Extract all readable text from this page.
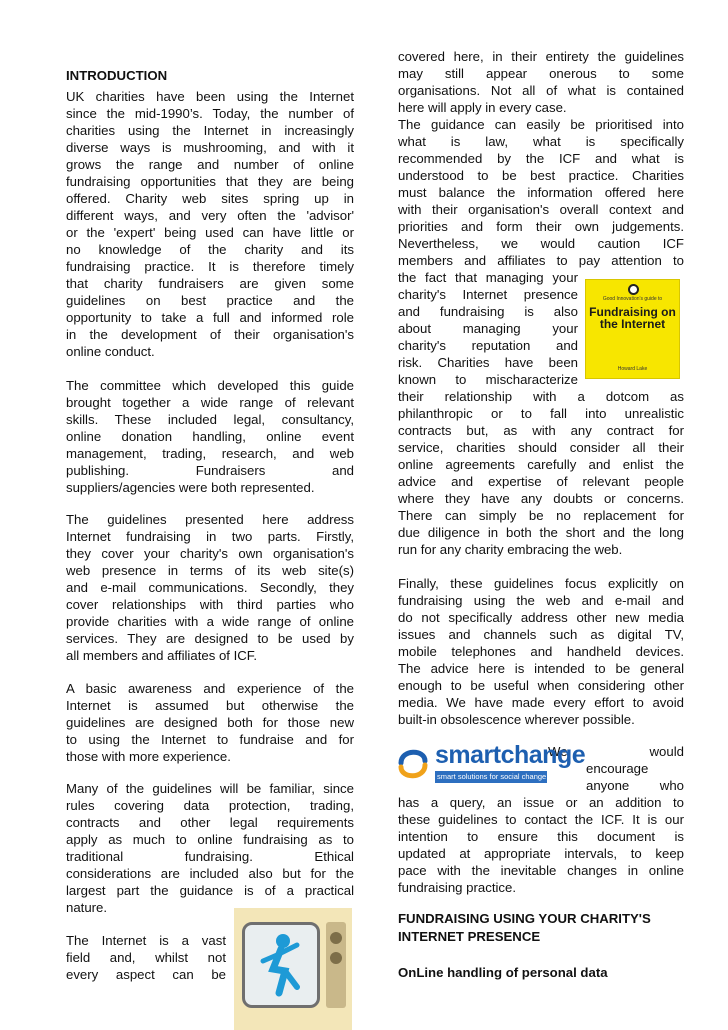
INTRODUCTION
UK charities have been using the Internet
since the mid-1990’s. Today, the number of
charities using the Internet in increasingly
diverse ways is mushrooming, and with it
grows the range and number of online
fundraising opportunities that they are being
offered. Charity web sites spring up in
different ways, and very often the 'advisor'
or the 'expert' being used can have little or
no knowledge of the charity and its
fundraising practice. It is therefore timely
that charity fundraisers are given some
guidelines on best practice and the
opportunity to take a full and informed role
in the development of their organisation's
online conduct.
The committee which developed this guide
brought together a wide range of relevant
skills. These included legal, consultancy,
online donation handling, online event
management, trading, research, and web
publishing. Fundraisers and
suppliers/agencies were both represented.
The guidelines presented here address
Internet fundraising in two parts. Firstly,
they cover your charity's own organisation's
web presence in terms of its web site(s)
and e-mail communications. Secondly, they
cover relationships with third parties who
provide charities with a wide range of online
services. They are designed to be used by
all members and affiliates of ICF.
A basic awareness and experience of the
Internet is assumed but otherwise the
guidelines are designed both for those new
to using the Internet to fundraise and for
those with more experience.
Many of the guidelines will be familiar, since
rules covering data protection, trading,
contracts and other legal requirements
apply as much to online fundraising as to
traditional fundraising. Ethical
considerations are included also but for the
largest part the guidance is of a practical
nature.
The Internet is a vast
field and, whilst not
every aspect can be
covered here, in their entirety the guidelines
may still appear onerous to some
organisations. Not all of what is contained
here will apply in every case.
The guidance can easily be prioritised into
what is law, what is specifically
recommended by the ICF and what is
understood to be best practice. Charities
must balance the information offered here
with their organisation's overall context and
priorities and form their own judgements.
Nevertheless, we would caution ICF
members and affiliates to pay attention to
the fact that managing your
charity's Internet presence
and fundraising is also
about managing your
charity's reputation and
risk. Charities have been
known to mischaracterize
their relationship with a dotcom as
philanthropic or to fall into unrealistic
contracts but, as with any contract for
service, charities should consider all their
online agreements carefully and enlist the
advice and expertise of relevant people
where they have any doubts or concerns.
There can simply be no replacement for
due diligence in both the short and the long
run for any charity embracing the web.
Finally, these guidelines focus explicitly on
fundraising using the web and e-mail and
do not specifically address other new media
issues and channels such as digital TV,
mobile telephones and handheld devices.
The advice here is intended to be general
enough to be useful when considering other
media. We have made every effort to avoid
built-in obsolescence wherever possible.
We would
encourage
anyone who
has a query, an issue or an addition to
these guidelines to contact the ICF. It is our
intention to ensure this document is
updated at appropriate intervals, to keep
pace with the inevitable changes in online
fundraising practice.
FUNDRAISING USING YOUR CHARITY'S
INTERNET PRESENCE
OnLine handling of personal data
Good Innovation's guide to
Fundraising on the Internet
Howard Lake
smartchange
smart solutions for social change
